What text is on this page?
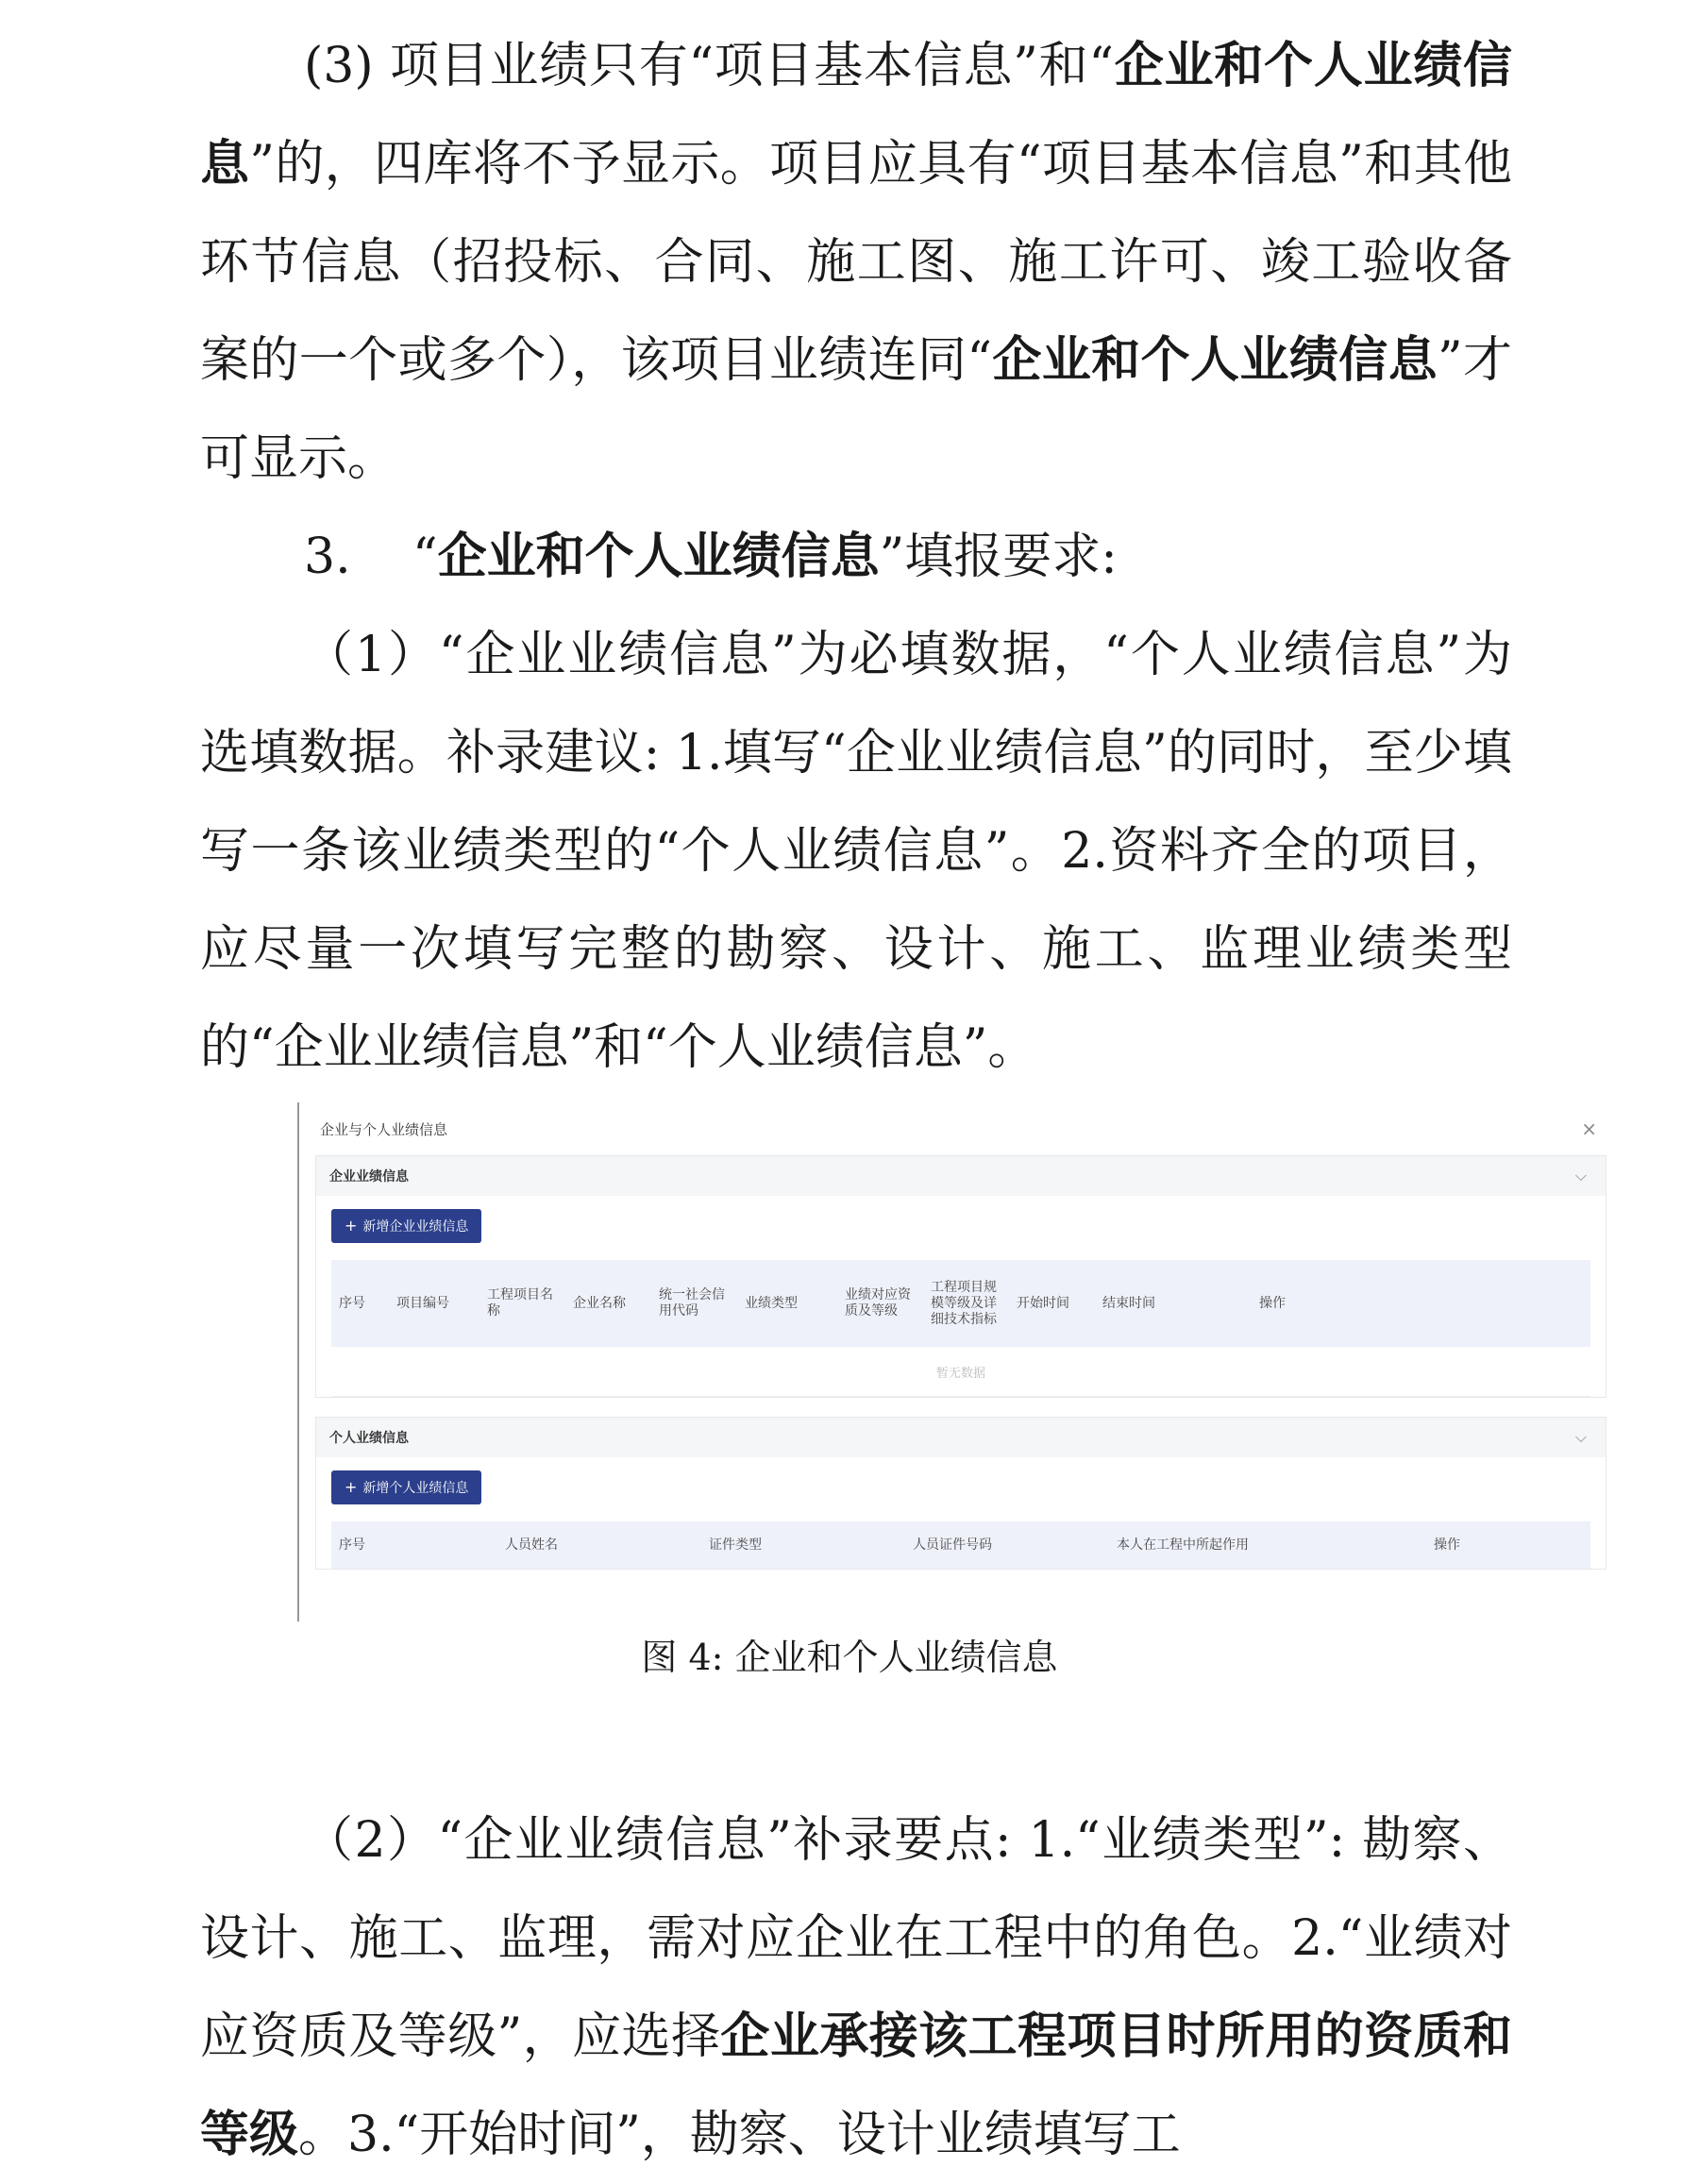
(3) 项目业绩只有“项目基本信息”和“企业和个人业绩信息”的，四库将不予显示。项目应具有“项目基本信息”和其他环节信息（招投标、合同、施工图、施工许可、竣工验收备案的一个或多个），该项目业绩连同“企业和个人业绩信息”才可显示。

3. “企业和个人业绩信息”填报要求:

（1）“企业业绩信息”为必填数据，“个人业绩信息”为选填数据。补录建议: 1.填写“企业业绩信息”的同时，至少填写一条该业绩类型的“个人业绩信息”。2.资料齐全的项目，应尽量一次填写完整的勘察、设计、施工、监理业绩类型的“企业业绩信息”和“个人业绩信息”。

企业与个人业绩信息	×
企业业绩信息	⌵
+ 新增企业业绩信息
序号	项目编号	工程项目名称	企业名称	统一社会信用代码	业绩类型	业绩对应资质及等级	工程项目规模等级及详细技术指标	开始时间	结束时间	操作
暂无数据
个人业绩信息	⌵
+ 新增个人业绩信息
序号	人员姓名	证件类型	人员证件号码	本人在工程中所起作用	操作
图 4: 企业和个人业绩信息

（2）“企业业绩信息”补录要点: 1.“业绩类型”: 勘察、设计、施工、监理，需对应企业在工程中的角色。2.“业绩对应资质及等级”，应选择企业承接该工程项目时所用的资质和等级。3.“开始时间”，勘察、设计业绩填写工
